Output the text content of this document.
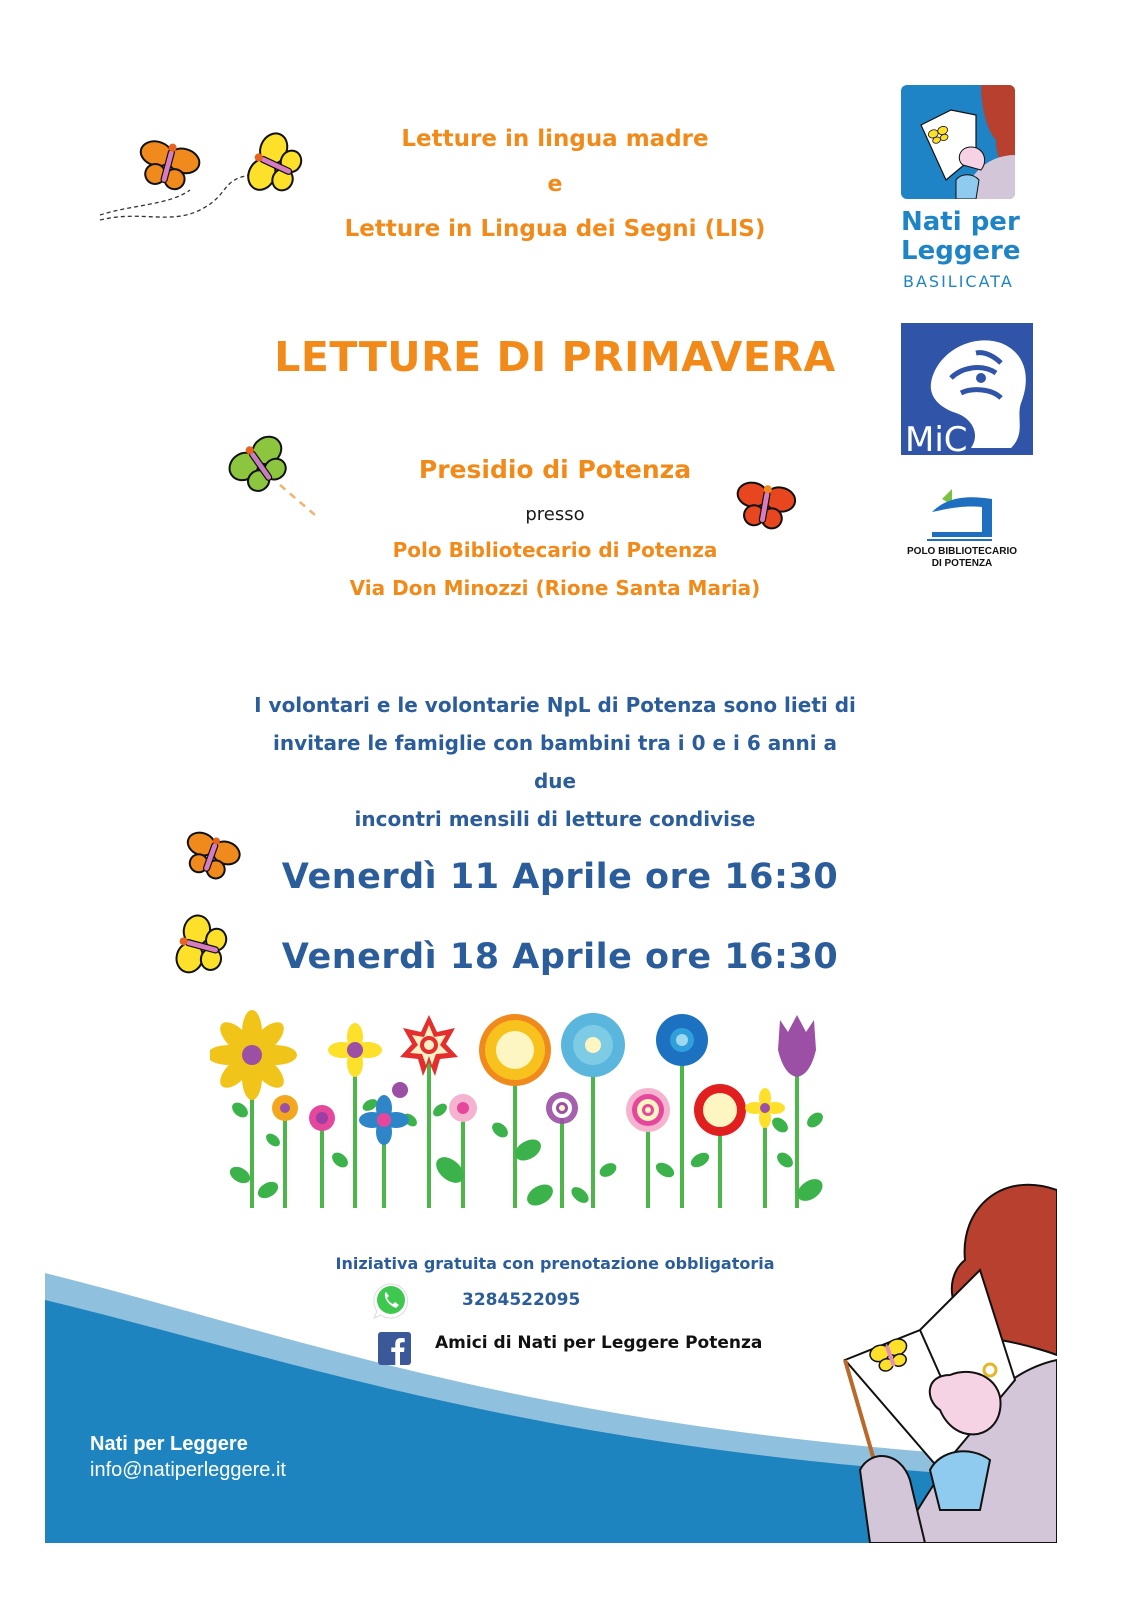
Letture in lingua madre
e
Letture in Lingua dei Segni (LIS)
LETTURE DI PRIMAVERA
Presidio di Potenza
presso
Polo Bibliotecario di Potenza
Via Don Minozzi (Rione Santa Maria)
I volontari e le volontarie NpL di Potenza sono lieti di
invitare le famiglie con bambini tra i 0 e i 6 anni a due
incontri mensili di letture condivise
Venerdì 11 Aprile ore 16:30
Venerdì 18 Aprile ore 16:30
Iniziativa gratuita con prenotazione obbligatoria
3284522095
Amici di Nati per Leggere Potenza
Nati per Leggere
info@natiperleggere.it
Nati per
Leggere
BASILICATA
MiC
POLO BIBLIOTECARIO
DI POTENZA
